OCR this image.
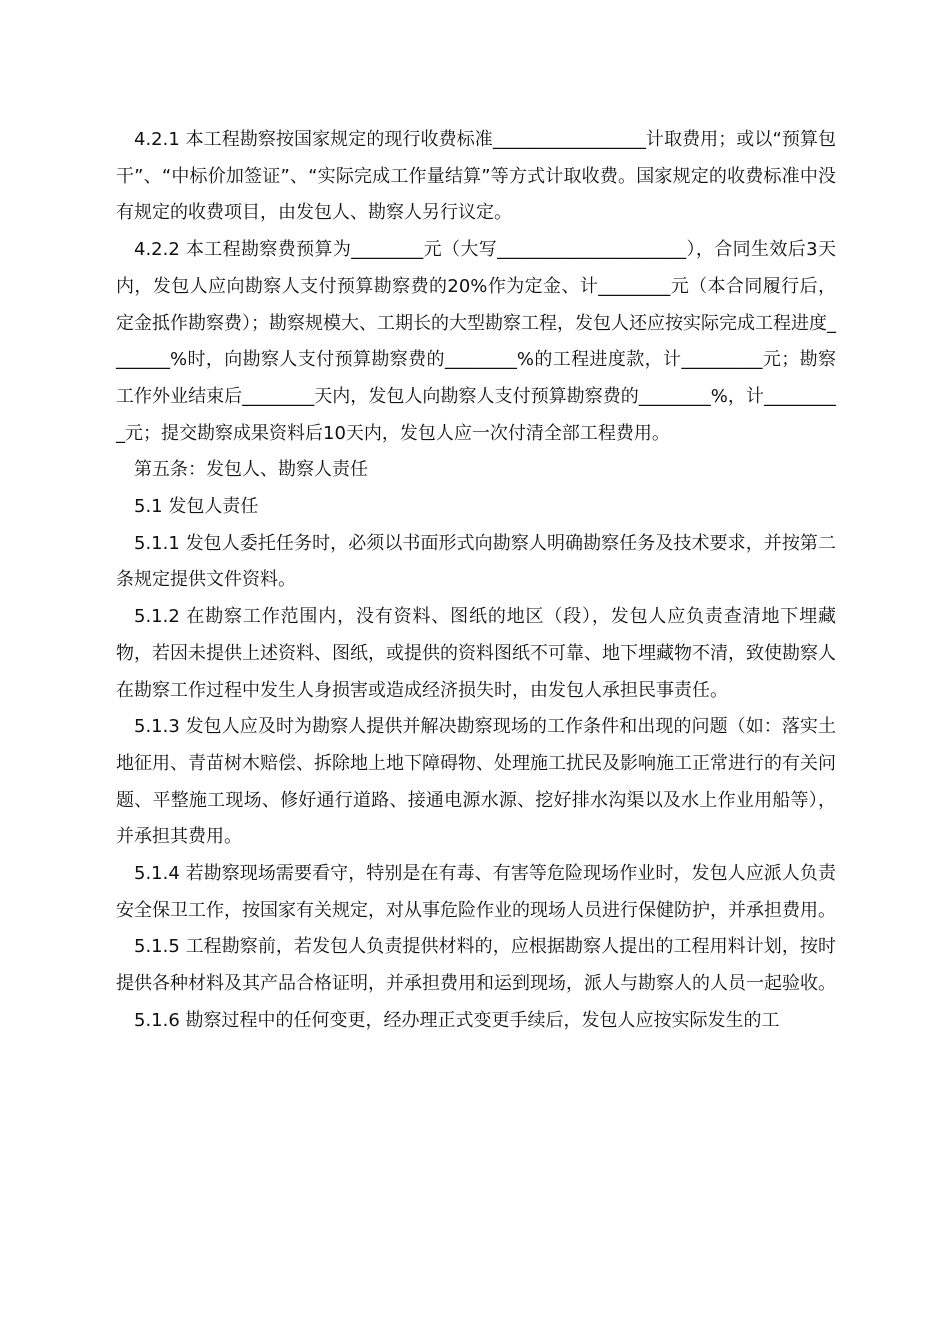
4.2.1 本工程勘察按国家规定的现行收费标准_________________计取费用；或以“预算包干”、“中标价加签证”、“实际完成工作量结算”等方式计取收费。国家规定的收费标准中没有规定的收费项目，由发包人、勘察人另行议定。

4.2.2 本工程勘察费预算为________元（大写_____________________），合同生效后3天内，发包人应向勘察人支付预算勘察费的20%作为定金、计________元（本合同履行后，定金抵作勘察费）；勘察规模大、工期长的大型勘察工程，发包人还应按实际完成工程进度_______%时，向勘察人支付预算勘察费的________%的工程进度款，计_________元；勘察工作外业结束后________天内，发包人向勘察人支付预算勘察费的________%，计_________元；提交勘察成果资料后10天内，发包人应一次付清全部工程费用。

第五条：发包人、勘察人责任

5.1 发包人责任

5.1.1 发包人委托任务时，必须以书面形式向勘察人明确勘察任务及技术要求，并按第二条规定提供文件资料。

5.1.2 在勘察工作范围内，没有资料、图纸的地区（段），发包人应负责查清地下埋藏物，若因未提供上述资料、图纸，或提供的资料图纸不可靠、地下埋藏物不清，致使勘察人在勘察工作过程中发生人身损害或造成经济损失时，由发包人承担民事责任。

5.1.3 发包人应及时为勘察人提供并解决勘察现场的工作条件和出现的问题（如：落实土地征用、青苗树木赔偿、拆除地上地下障碍物、处理施工扰民及影响施工正常进行的有关问题、平整施工现场、修好通行道路、接通电源水源、挖好排水沟渠以及水上作业用船等），并承担其费用。

5.1.4 若勘察现场需要看守，特别是在有毒、有害等危险现场作业时，发包人应派人负责安全保卫工作，按国家有关规定，对从事危险作业的现场人员进行保健防护，并承担费用。

5.1.5 工程勘察前，若发包人负责提供材料的，应根据勘察人提出的工程用料计划，按时提供各种材料及其产品合格证明，并承担费用和运到现场，派人与勘察人的人员一起验收。

5.1.6 勘察过程中的任何变更，经办理正式变更手续后，发包人应按实际发生的工
